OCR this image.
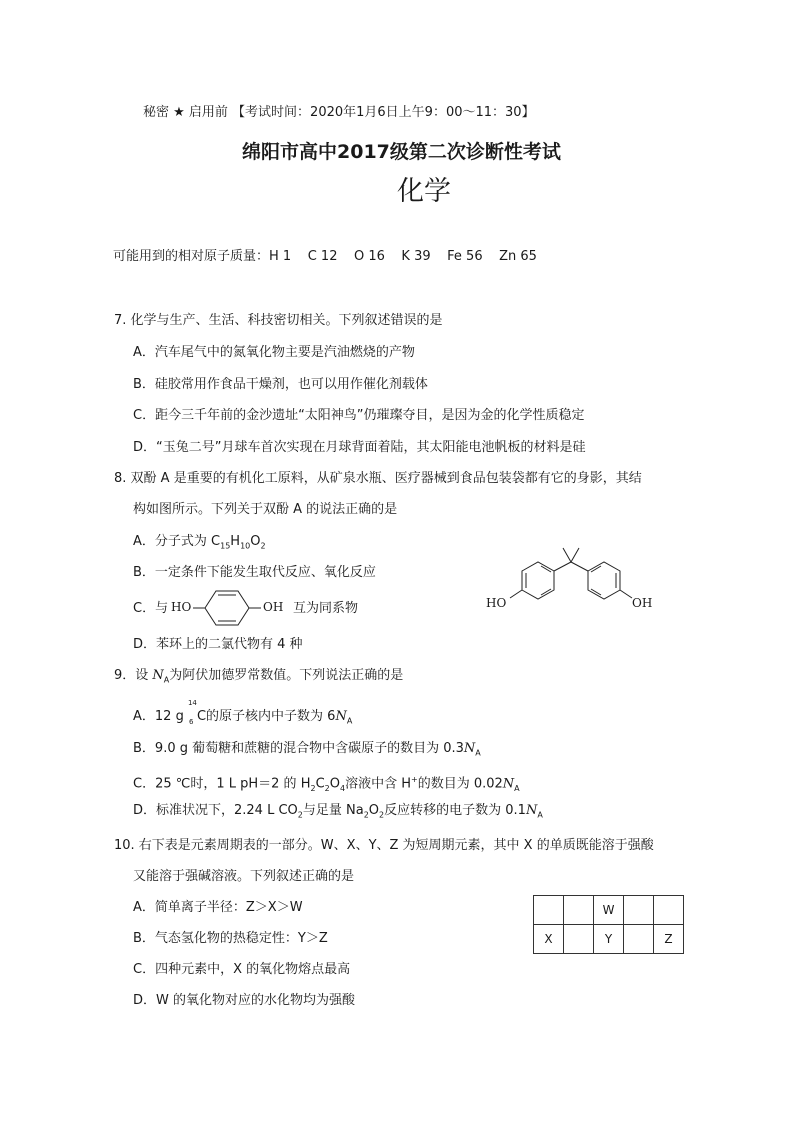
秘密 ★ 启用前 【考试时间：2020年1月6日上午9：00～11：30】
绵阳市高中2017级第二次诊断性考试
化学
可能用到的相对原子质量：H 1    C 12    O 16    K 39    Fe 56    Zn 65
7. 化学与生产、生活、科技密切相关。下列叙述错误的是
A．汽车尾气中的氮氧化物主要是汽油燃烧的产物
B．硅胶常用作食品干燥剂，也可以用作催化剂载体
C．距今三千年前的金沙遗址“太阳神鸟”仍璀璨夺目，是因为金的化学性质稳定
D．“玉兔二号”月球车首次实现在月球背面着陆，其太阳能电池帆板的材料是硅
8. 双酚 A 是重要的有机化工原料，从矿泉水瓶、医疗器械到食品包装袋都有它的身影，其结
构如图所示。下列关于双酚 A 的说法正确的是
A．分子式为 $C_{15}H_{10}O_2$
B．一定条件下能发生取代反应、氧化反应
C．与 HO	OH 互为同系物
D．苯环上的二氯代物有 4 种
HO	OH
9．设 $N_A$为阿伏加德罗常数值。下列说法正确的是
A．12 g
14
6 C的原子核内中子数为 $6N_A$
B．9.0 g 葡萄糖和蔗糖的混合物中含碳原子的数目为 $0.3N_A$
C．25 ℃时，1 L pH＝2 的 $H_2C_2O_4$溶液中含 H+的数目为 $0.02N_A$
D．标准状况下，2.24 L $CO_2$与足量 $Na_2O_2$反应转移的电子数为 $0.1N_A$
10. 右下表是元素周期表的一部分。W、X、Y、Z 为短周期元素，其中 X 的单质既能溶于强酸
又能溶于强碱溶液。下列叙述正确的是
A．简单离子半径：Z＞X＞W
B．气态氢化物的热稳定性：Y＞Z
C．四种元素中，X 的氧化物熔点最高
D．W 的氧化物对应的水化物均为强酸
		W		
X		Y		Z
